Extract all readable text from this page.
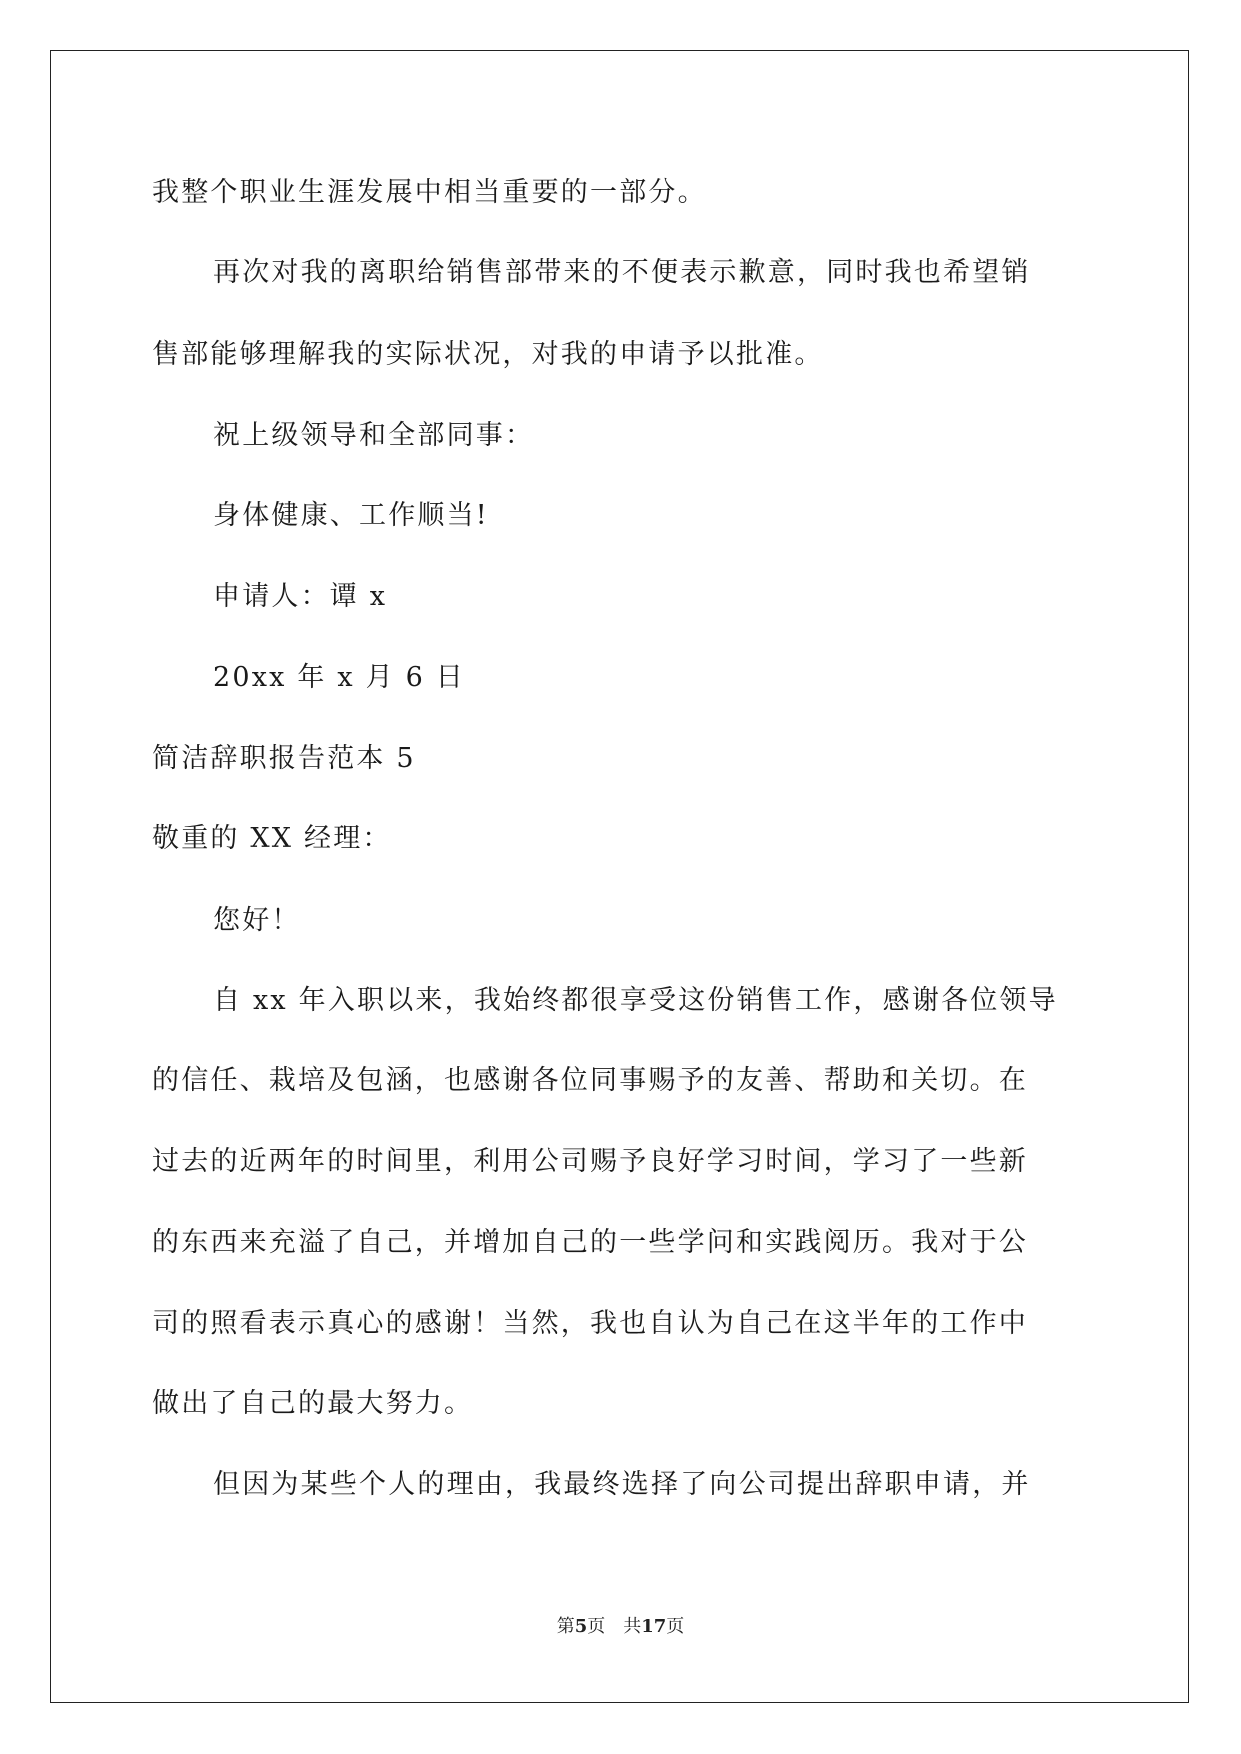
我整个职业生涯发展中相当重要的一部分。
再次对我的离职给销售部带来的不便表示歉意，同时我也希望销
售部能够理解我的实际状况，对我的申请予以批准。
祝上级领导和全部同事：
身体健康、工作顺当!
申请人：谭 x
20xx 年 x 月 6 日
简洁辞职报告范本 5
敬重的 XX 经理：
您好！
自 xx 年入职以来，我始终都很享受这份销售工作，感谢各位领导
的信任、栽培及包涵，也感谢各位同事赐予的友善、帮助和关切。在
过去的近两年的时间里，利用公司赐予良好学习时间，学习了一些新
的东西来充溢了自己，并增加自己的一些学问和实践阅历。我对于公
司的照看表示真心的感谢！当然，我也自认为自己在这半年的工作中
做出了自己的最大努力。
但因为某些个人的理由，我最终选择了向公司提出辞职申请，并
第5页 共17页
